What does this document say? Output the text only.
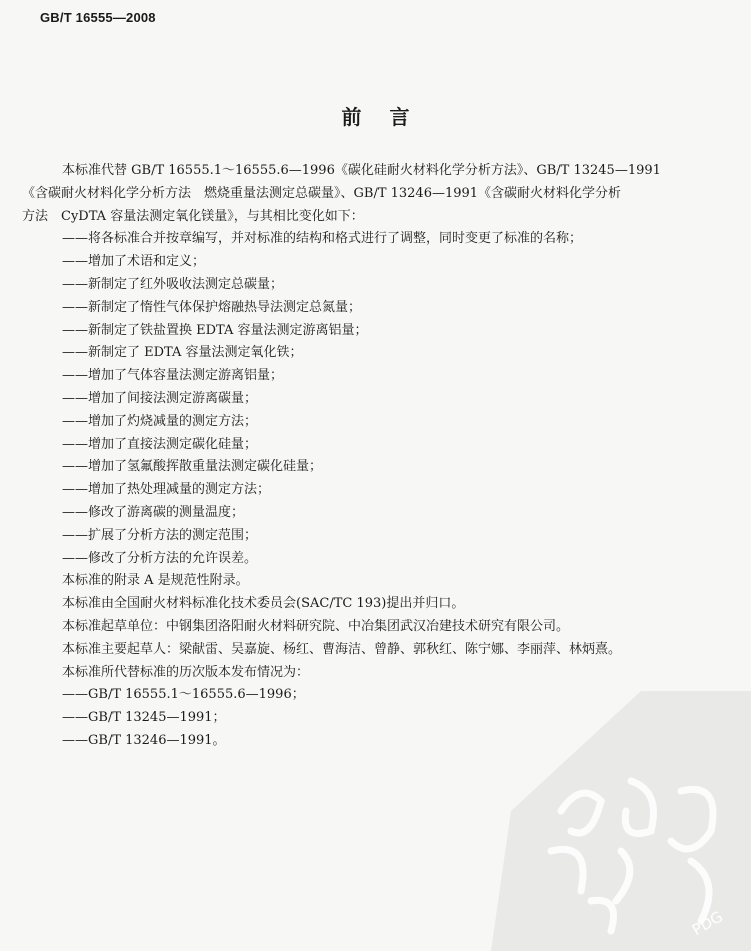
GB/T 16555—2008
前言
本标准代替 GB/T 16555.1～16555.6—1996《碳化硅耐火材料化学分析方法》、GB/T 13245—1991
《含碳耐火材料化学分析方法　燃烧重量法测定总碳量》、GB/T 13246—1991《含碳耐火材料化学分析
方法　CyDTA 容量法测定氧化镁量》，与其相比变化如下：
——将各标准合并按章编写，并对标准的结构和格式进行了调整，同时变更了标准的名称；
——增加了术语和定义；
——新制定了红外吸收法测定总碳量；
——新制定了惰性气体保护熔融热导法测定总氮量；
——新制定了铁盐置换 EDTA 容量法测定游离铝量；
——新制定了 EDTA 容量法测定氧化铁；
——增加了气体容量法测定游离铝量；
——增加了间接法测定游离碳量；
——增加了灼烧减量的测定方法；
——增加了直接法测定碳化硅量；
——增加了氢氟酸挥散重量法测定碳化硅量；
——增加了热处理减量的测定方法；
——修改了游离碳的测量温度；
——扩展了分析方法的测定范围；
——修改了分析方法的允许误差。
本标准的附录 A 是规范性附录。
本标准由全国耐火材料标准化技术委员会(SAC/TC 193)提出并归口。
本标准起草单位：中钢集团洛阳耐火材料研究院、中冶集团武汉冶建技术研究有限公司。
本标准主要起草人：梁献雷、吴嘉旋、杨红、曹海洁、曾静、郭秋红、陈宁娜、李丽萍、林炳熹。
本标准所代替标准的历次版本发布情况为：
——GB/T 16555.1～16555.6—1996；
——GB/T 13245—1991；
——GB/T 13246—1991。
PDG
